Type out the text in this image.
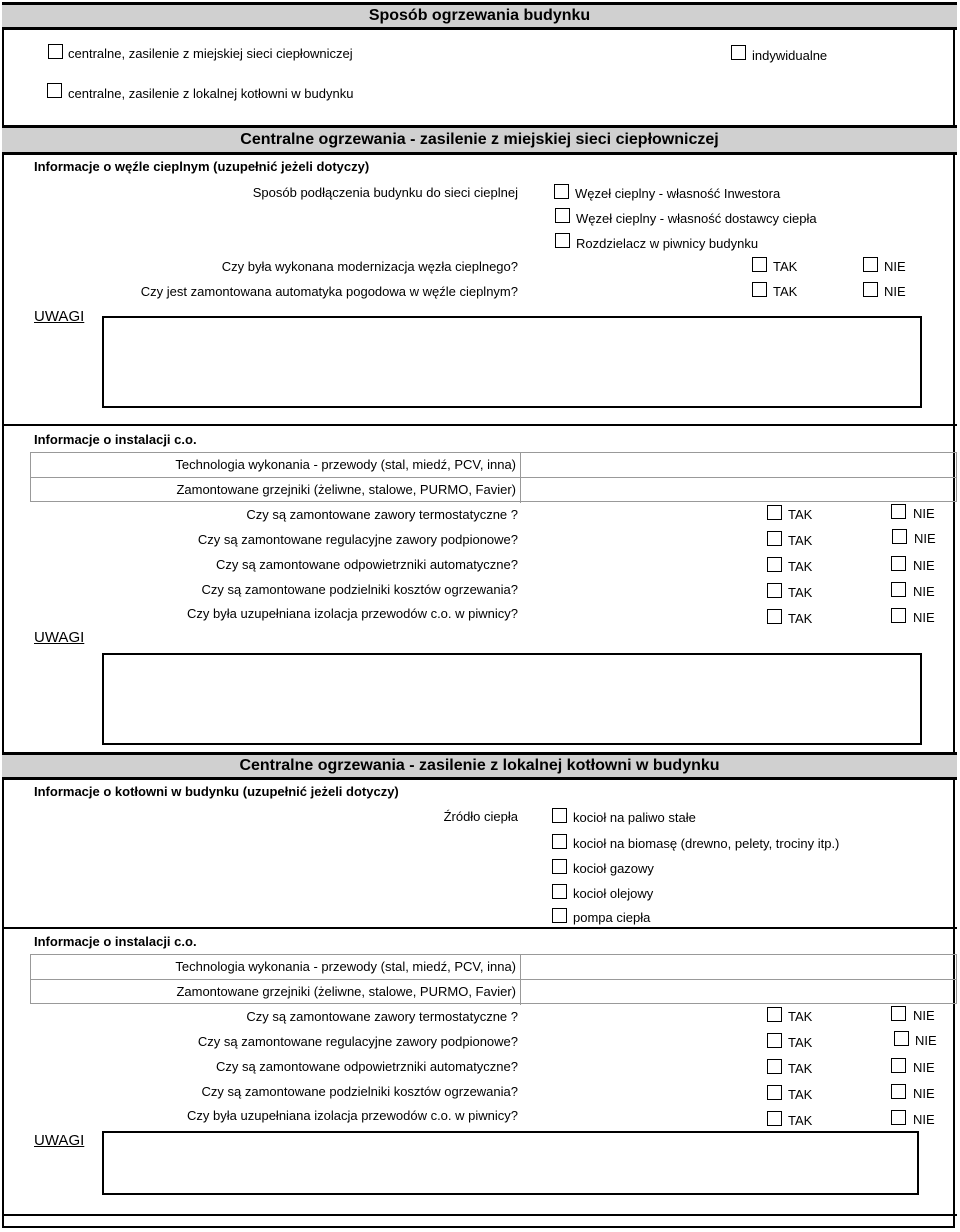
Sposób ogrzewania budynku
centralne, zasilenie z miejskiej sieci ciepłowniczej	indywidualne
centralne, zasilenie z lokalnej kotłowni w budynku
Centralne ogrzewania - zasilenie z miejskiej sieci ciepłowniczej
Informacje o węźle cieplnym (uzupełnić jeżeli dotyczy)
Sposób podłączenia budynku do sieci cieplnej	Węzeł cieplny - własność Inwestora
Węzeł cieplny - własność dostawcy ciepła
Rozdzielacz w piwnicy budynku
Czy była wykonana modernizacja węzła cieplnego?	TAK	NIE
Czy jest zamontowana automatyka pogodowa w węźle cieplnym?	TAK	NIE
UWAGI
Informacje o instalacji c.o.
Technologia wykonania - przewody (stal, miedź, PCV, inna)
Zamontowane grzejniki (żeliwne, stalowe, PURMO, Favier)
Czy są zamontowane zawory termostatyczne ?	TAK	NIE
Czy są zamontowane regulacyjne zawory podpionowe?	TAK	NIE
Czy są zamontowane odpowietrzniki automatyczne?	TAK	NIE
Czy są zamontowane podzielniki kosztów ogrzewania?	TAK	NIE
Czy była uzupełniana izolacja przewodów c.o. w piwnicy?	TAK	NIE
UWAGI
Centralne ogrzewania - zasilenie z lokalnej kotłowni w budynku
Informacje o kotłowni w budynku (uzupełnić jeżeli dotyczy)
Źródło ciepła	kocioł na paliwo stałe
kocioł na biomasę (drewno, pelety, trociny itp.)
kocioł gazowy
kocioł olejowy
pompa ciepła
Informacje o instalacji c.o.
Technologia wykonania - przewody (stal, miedź, PCV, inna)
Zamontowane grzejniki (żeliwne, stalowe, PURMO, Favier)
Czy są zamontowane zawory termostatyczne ?	TAK	NIE
Czy są zamontowane regulacyjne zawory podpionowe?	TAK	NIE
Czy są zamontowane odpowietrzniki automatyczne?	TAK	NIE
Czy są zamontowane podzielniki kosztów ogrzewania?	TAK	NIE
Czy była uzupełniana izolacja przewodów c.o. w piwnicy?	TAK	NIE
UWAGI
